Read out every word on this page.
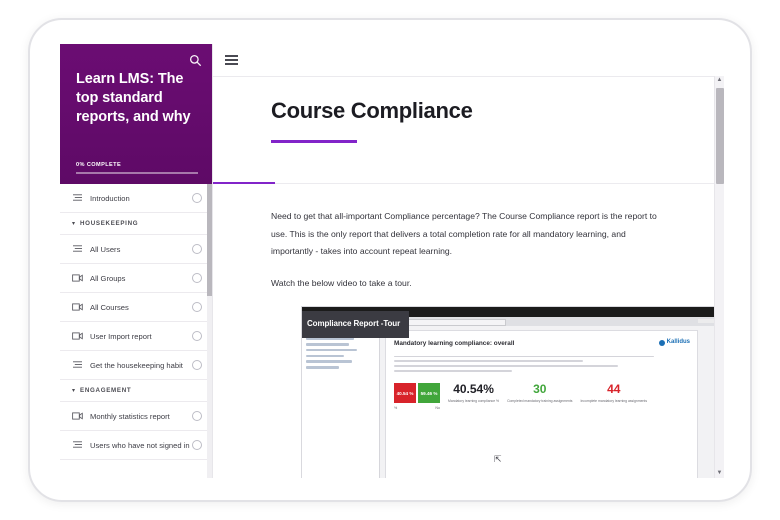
Learn LMS: The top standard reports, and why
0% COMPLETE
Introduction
▾ HOUSEKEEPING
All Users
All Groups
All Courses
User Import report
Get the housekeeping habit
▾ ENGAGEMENT
Monthly statistics report
Users who have not signed in
Course Compliance

Need to get that all-important Compliance percentage? The Course Compliance report is the report to use. This is the only report that delivers a total completion rate for all mandatory learning, and importantly - takes into account repeat learning.

Watch the below video to take a tour.

Compliance Report -Tour
Mandatory learning compliance: overall	Kallidus
40.54 %	59.46 %
%	No
40.54%
Mandatory learning compliance %
30
Completed mandatory training assignments
44
Incomplete mandatory learning assignments
⇱
▲
▼
